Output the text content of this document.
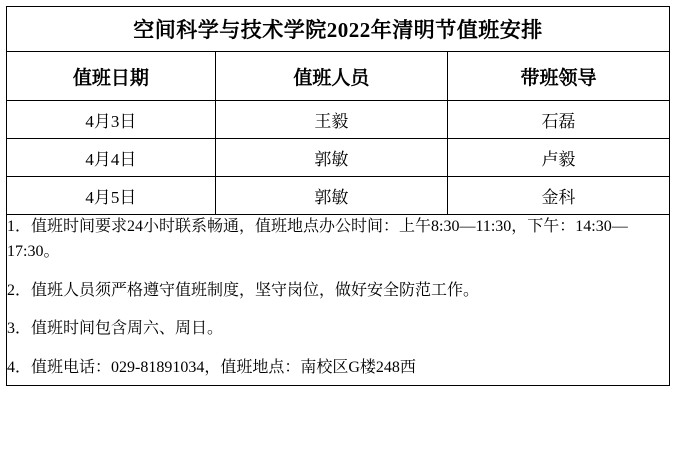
空间科学与技术学院2022年清明节值班安排		
值班日期	值班人员	带班领导
4月3日	王毅	石磊
4月4日	郭敏	卢毅
4月5日	郭敏	金科

1．值班时间要求24小时联系畅通，值班地点办公时间：上午8:30—11:30，下午：14:30—17:30。

2．值班人员须严格遵守值班制度，坚守岗位，做好安全防范工作。

3．值班时间包含周六、周日。

4．值班电话：029-81891034，值班地点：南校区G楼248西		
